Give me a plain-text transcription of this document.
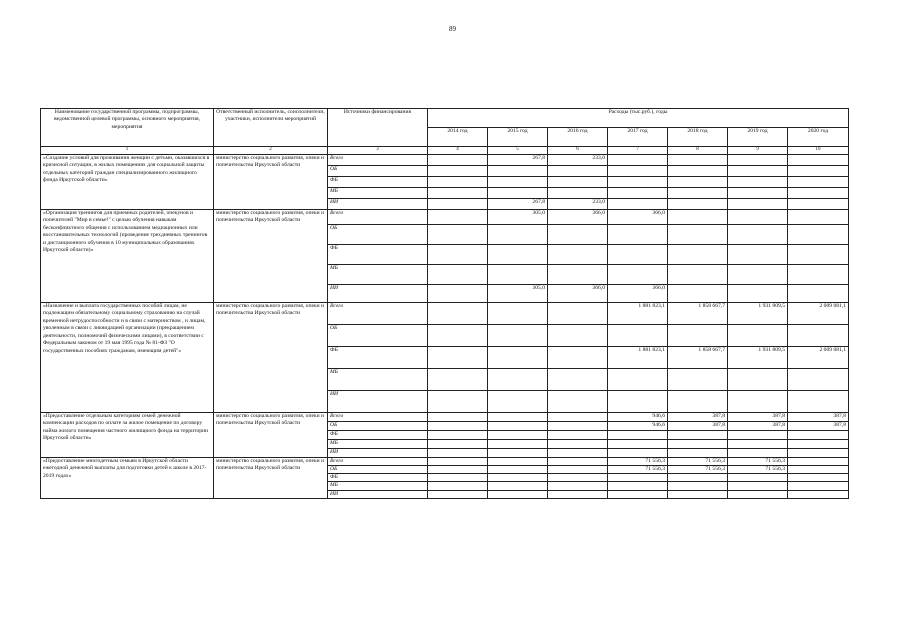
89
Наименование государственной программы, подпрограммы, ведомственной целевой программы, основного мероприятия, мероприятия	Ответственный исполнитель, соисполнители, участники, исполнители мероприятий	Источники финансирования	Расходы (тыс.руб.), годы						
			2014 год	2015 год	2016 год	2017 год	2018 год	2019 год	2020 год
1	2	3	4	5	6	7	8	9	10
«Создание условий для проживания женщин с детьми, оказавшихся в кризисной ситуации, в жилых помещениях для социальной защиты отдельных категорий граждан специализированного жилищного фонда Иркутской области»	министерство социального развития, опеки и попечительства Иркутской области	Всего		267,8	233,0				
		ОБ							
		ФБ							
		МБ							
		ИИ		267,8	233,0				
«Организация тренингов для приемных родителей, опекунов и попечителей "Мир в семье!" с целью обучения навыкам бесконфликтного общения с использованием медиационных или восстановительных технологий (проведение трехдневных тренингов и дистанционного обучения в 10 муниципальных образованиях Иркутской области)»	министерство социального развития, опеки и попечительства Иркутской области	Всего		305,0	366,0	366,0			
		ОБ							
		ФБ							
		МБ							
		ИИ		305,0	366,0	366,0			
«Назначение и выплата государственных пособий лицам, не подлежащим обязательному социальному страхованию на случай временной нетрудоспособности и в связи с материнством , и лицам, уволенным в связи с ликвидацией организации (прекращением деятельности, полномочий физическими лицами), в соответствии с Федеральным законом от 19 мая 1995 года № 81-ФЗ "О государственных пособиях гражданам, имеющим детей"»	министерство социального развития, опеки и попечительства Иркутской области	Всего				1 881 823,1	1 858 667,7	1 931 809,5	2 009 081,1
		ОБ							
		ФБ				1 881 823,1	1 858 667,7	1 931 809,5	2 009 081,1
		МБ							
		ИИ							
«Предоставление отдельным категориям семей денежной компенсации расходов по оплате за жилое помещение по договору найма жилого помещения частного жилищного фонда на территории Иркутской области»	министерство социального развития, опеки и попечительства Иркутской области	Всего				946,6	387,8	387,8	387,8
		ОБ				946,6	387,8	387,8	387,8
		ФБ							
		МБ							
		ИИ							
«Предоставление многодетным семьям в Иркутской области ежегодной денежной выплаты для подготовки детей к школе в 2017-2019 годах»	министерство социального развития, опеки и попечительства Иркутской области	Всего				71 556,3	71 556,3	71 556,3	
		ОБ				71 556,3	71 556,3	71 556,3	
		ФБ							
		МБ							
		ИИ							
